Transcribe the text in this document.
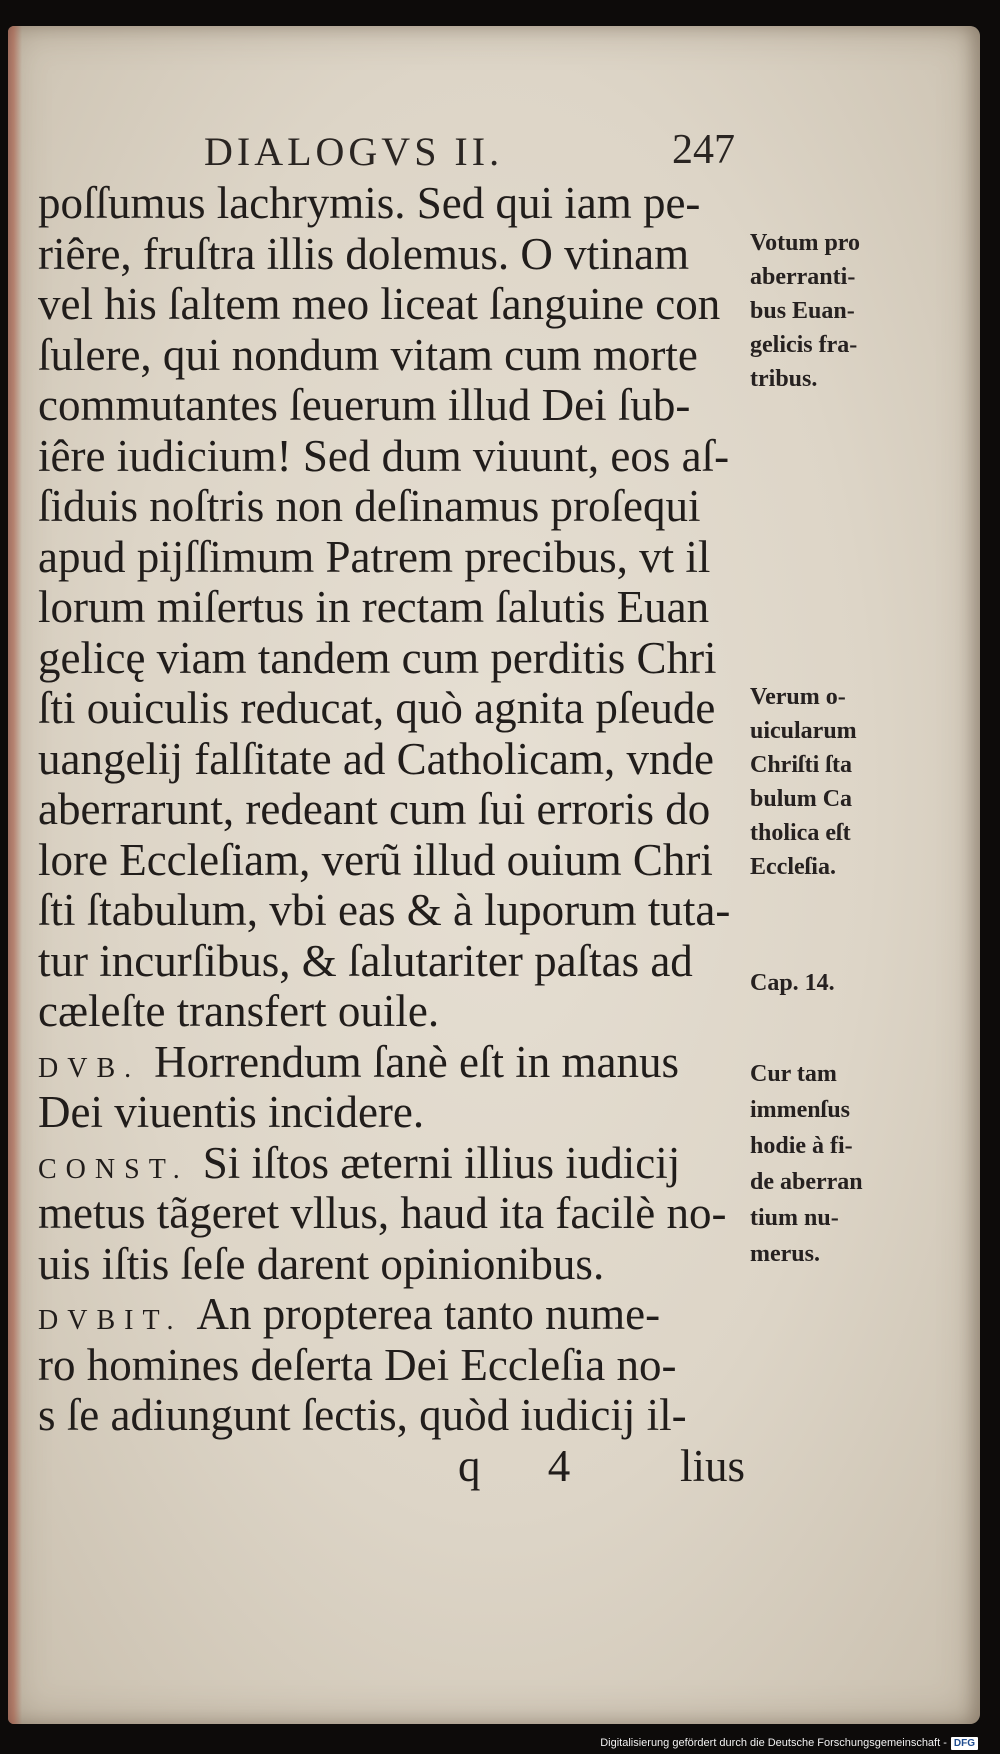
DIALOGVS II.	247
poſſumus lachrymis. Sed qui iam pe-
riêre, fruſtra illis dolemus. O vtinam
vel his ſaltem meo liceat ſanguine con
ſulere, qui nondum vitam cum morte
commutantes ſeuerum illud Dei ſub-
iêre iudicium! Sed dum viuunt, eos aſ-
ſiduis noſtris non deſinamus proſequi
apud pijſſimum Patrem precibus, vt il
lorum miſertus in rectam ſalutis Euan
gelicę viam tandem cum perditis Chri
ſti ouiculis reducat, quò agnita pſeude
uangelij falſitate ad Catholicam, vnde
aberrarunt, redeant cum ſui erroris do
lore Eccleſiam, verũ illud ouium Chri
ſti ſtabulum, vbi eas & à luporum tuta-
tur incurſibus, & ſalutariter paſtas ad
cæleſte transfert ouile.
DVB. Horrendum ſanè eſt in manus
Dei viuentis incidere.
CONST. Si iſtos æterni illius iudicij
metus tãgeret vllus, haud ita facilè no-
uis iſtis ſeſe darent opinionibus.
DVBIT. An propterea tanto nume-
ro homines deſerta Dei Eccleſia no-
s ſe adiungunt ſectis, quòd iudicij il-
q 4 lius
Votum pro
aberranti-
bus Euan-
gelicis fra-
tribus.
Verum o-
uicularum
Chriſti ſta
bulum Ca
tholica eſt
Eccleſia.
Cap. 14.
Cur tam
immenſus
hodie à fi-
de aberran
tium nu-
merus.
Digitalisierung gefördert durch die Deutsche Forschungsgemeinschaft - DFG
